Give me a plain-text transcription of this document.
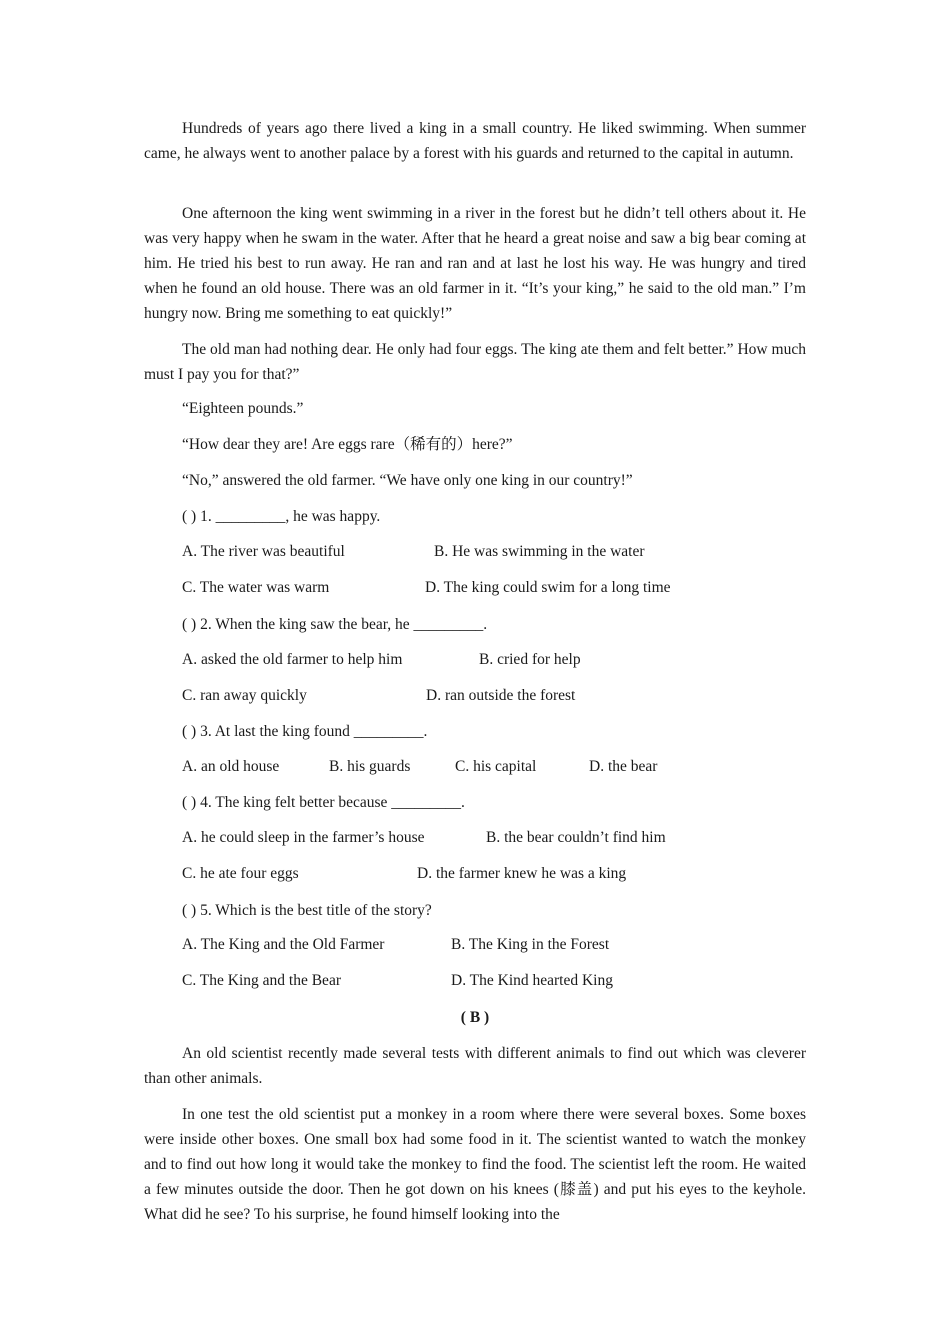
Hundreds of years ago there lived a king in a small country. He liked swimming. When summer came, he always went to another palace by a forest with his guards and returned to the capital in autumn.

One afternoon the king went swimming in a river in the forest but he didn’t tell others about it. He was very happy when he swam in the water. After that he heard a great noise and saw a big bear coming at him. He tried his best to run away. He ran and ran and at last he lost his way. He was hungry and tired when he found an old house. There was an old farmer in it. “It’s your king,” he said to the old man.” I’m hungry now. Bring me something to eat quickly!”

The old man had nothing dear. He only had four eggs. The king ate them and felt better.” How much must I pay you for that?”

“Eighteen pounds.”
“How dear they are! Are eggs rare（稀有的）here?”
“No,” answered the old farmer. “We have only one king in our country!”
( ) 1. _________, he was happy.
A. The river was beautiful	B. He was swimming in the water
C. The water was warm	D. The king could swim for a long time
( ) 2. When the king saw the bear, he _________.
A. asked the old farmer to help him	B. cried for help
C. ran away quickly	D. ran outside the forest
( ) 3. At last the king found _________.
A. an old house	B. his guards	C. his capital	D. the bear
( ) 4. The king felt better because _________.
A. he could sleep in the farmer’s house	B. the bear couldn’t find him
C. he ate four eggs	D. the farmer knew he was a king
( ) 5. Which is the best title of the story?
A. The King and the Old Farmer	B. The King in the Forest
C. The King and the Bear	D. The Kind hearted King
( B )

An old scientist recently made several tests with different animals to find out which was cleverer than other animals.

In one test the old scientist put a monkey in a room where there were several boxes. Some boxes were inside other boxes. One small box had some food in it. The scientist wanted to watch the monkey and to find out how long it would take the monkey to find the food. The scientist left the room. He waited a few minutes outside the door. Then he got down on his knees (膝盖) and put his eyes to the keyhole. What did he see? To his surprise, he found himself looking into the
